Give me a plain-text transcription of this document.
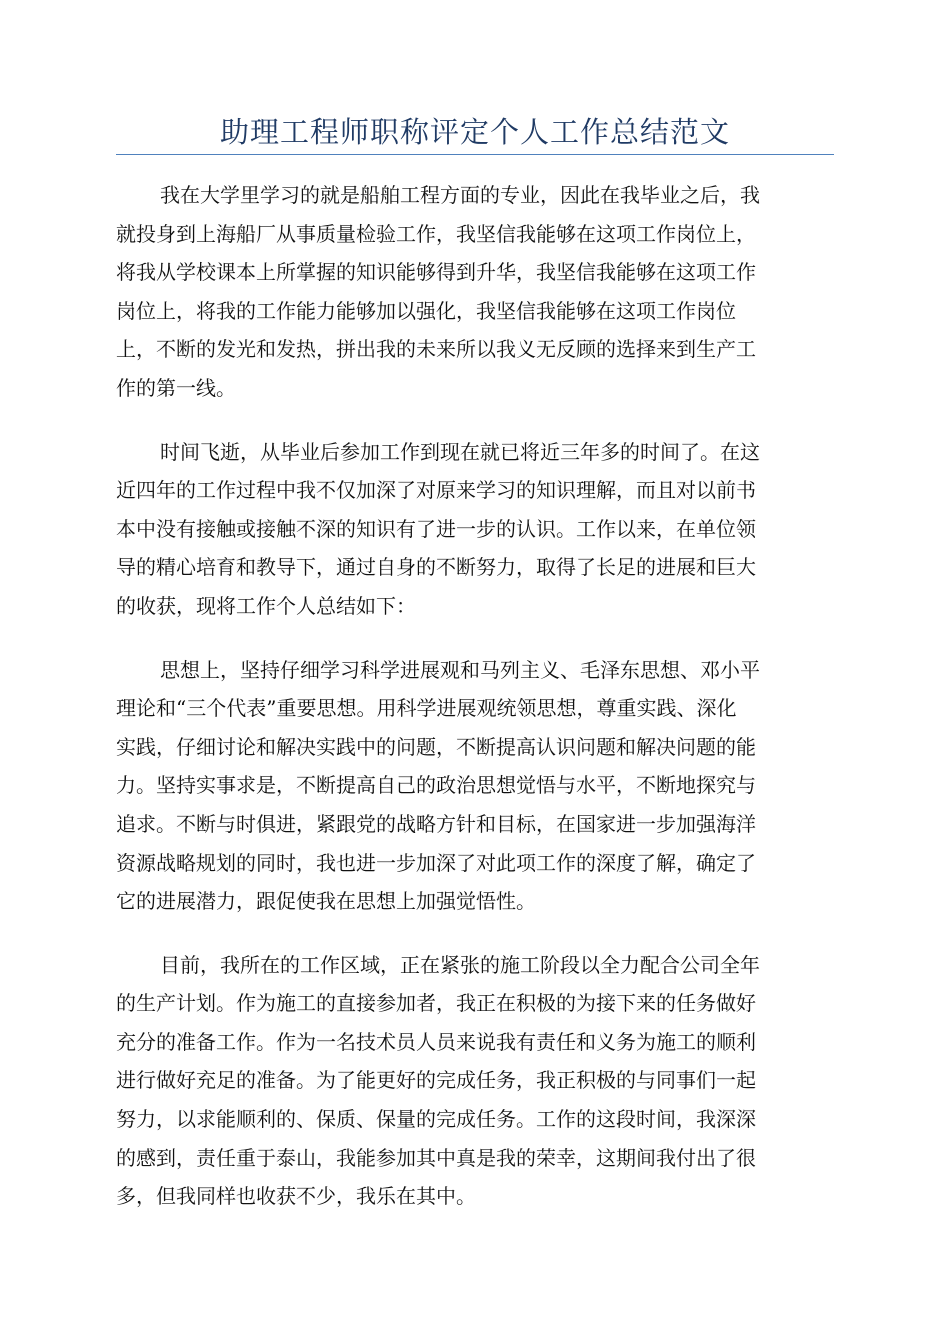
助理工程师职称评定个人工作总结范文
我在大学里学习的就是船舶工程方面的专业，因此在我毕业之后，我
就投身到上海船厂从事质量检验工作，我坚信我能够在这项工作岗位上，
将我从学校课本上所掌握的知识能够得到升华，我坚信我能够在这项工作
岗位上，将我的工作能力能够加以强化，我坚信我能够在这项工作岗位
上，不断的发光和发热，拼出我的未来所以我义无反顾的选择来到生产工
作的第一线。
时间飞逝，从毕业后参加工作到现在就已将近三年多的时间了。在这
近四年的工作过程中我不仅加深了对原来学习的知识理解，而且对以前书
本中没有接触或接触不深的知识有了进一步的认识。工作以来，在单位领
导的精心培育和教导下，通过自身的不断努力，取得了长足的进展和巨大
的收获，现将工作个人总结如下：
思想上，坚持仔细学习科学进展观和马列主义、毛泽东思想、邓小平
理论和“三个代表”重要思想。用科学进展观统领思想，尊重实践、深化
实践，仔细讨论和解决实践中的问题，不断提高认识问题和解决问题的能
力。坚持实事求是，不断提高自己的政治思想觉悟与水平，不断地探究与
追求。不断与时俱进，紧跟党的战略方针和目标，在国家进一步加强海洋
资源战略规划的同时，我也进一步加深了对此项工作的深度了解，确定了
它的进展潜力，跟促使我在思想上加强觉悟性。
目前，我所在的工作区域，正在紧张的施工阶段以全力配合公司全年
的生产计划。作为施工的直接参加者，我正在积极的为接下来的任务做好
充分的准备工作。作为一名技术员人员来说我有责任和义务为施工的顺利
进行做好充足的准备。为了能更好的完成任务，我正积极的与同事们一起
努力，以求能顺利的、保质、保量的完成任务。工作的这段时间，我深深
的感到，责任重于泰山，我能参加其中真是我的荣幸，这期间我付出了很
多，但我同样也收获不少，我乐在其中。
